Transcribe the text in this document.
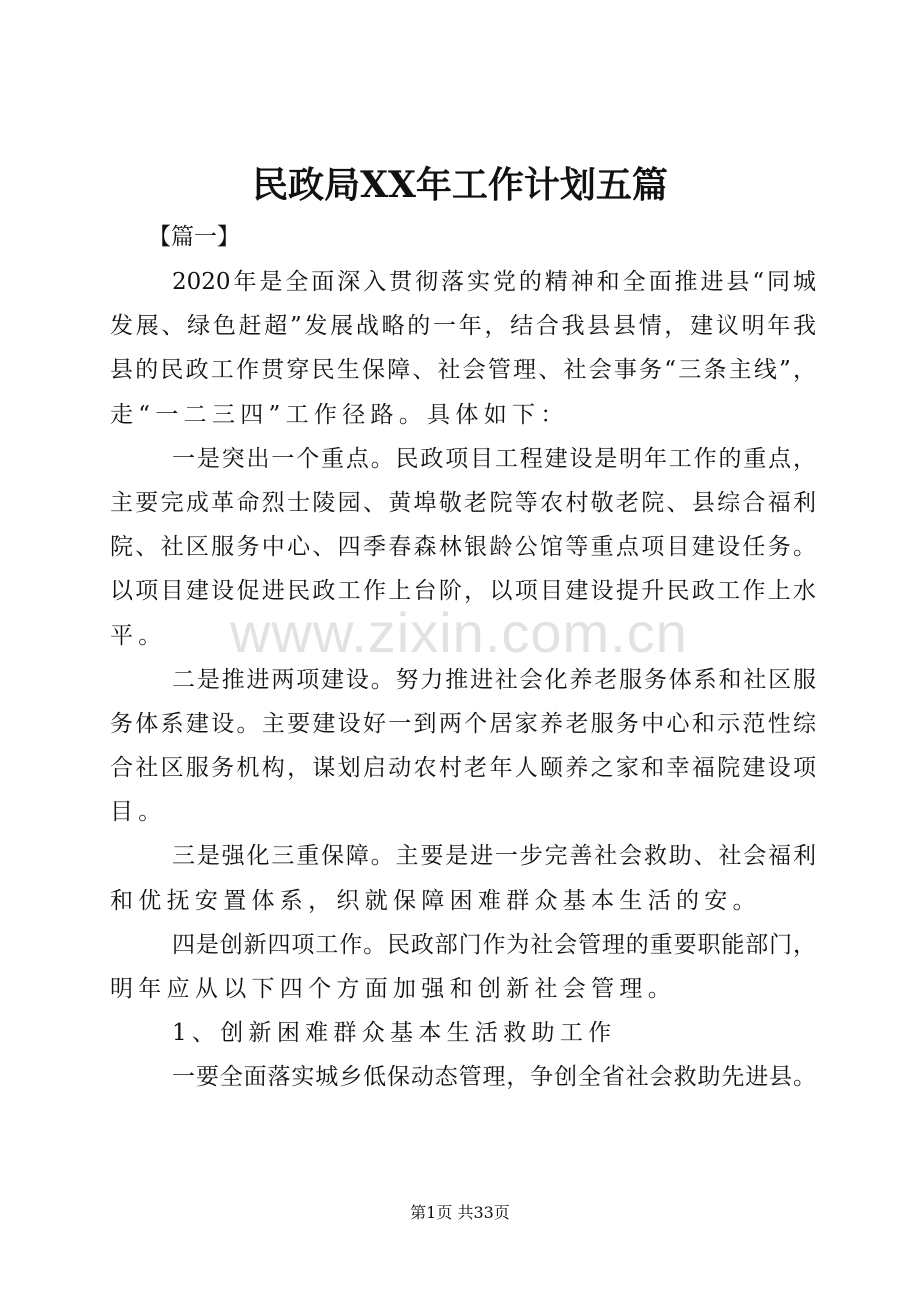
民政局XX年工作计划五篇
【篇一】
2020年是全面深入贯彻落实党的精神和全面推进县“同城
发展、绿色赶超”发展战略的一年，结合我县县情，建议明年我
县的民政工作贯穿民生保障、社会管理、社会事务“三条主线”，
走“一二三四”工作径路。具体如下：
一是突出一个重点。民政项目工程建设是明年工作的重点，
主要完成革命烈士陵园、黄埠敬老院等农村敬老院、县综合福利
院、社区服务中心、四季春森林银龄公馆等重点项目建设任务。
以项目建设促进民政工作上台阶，以项目建设提升民政工作上水
平。
二是推进两项建设。努力推进社会化养老服务体系和社区服
务体系建设。主要建设好一到两个居家养老服务中心和示范性综
合社区服务机构，谋划启动农村老年人颐养之家和幸福院建设项
目。
三是强化三重保障。主要是进一步完善社会救助、社会福利
和优抚安置体系，织就保障困难群众基本生活的安。
四是创新四项工作。民政部门作为社会管理的重要职能部门，
明年应从以下四个方面加强和创新社会管理。
1、创新困难群众基本生活救助工作
一要全面落实城乡低保动态管理，争创全省社会救助先进县。
www.zixin.com.cn
第1页 共33页
